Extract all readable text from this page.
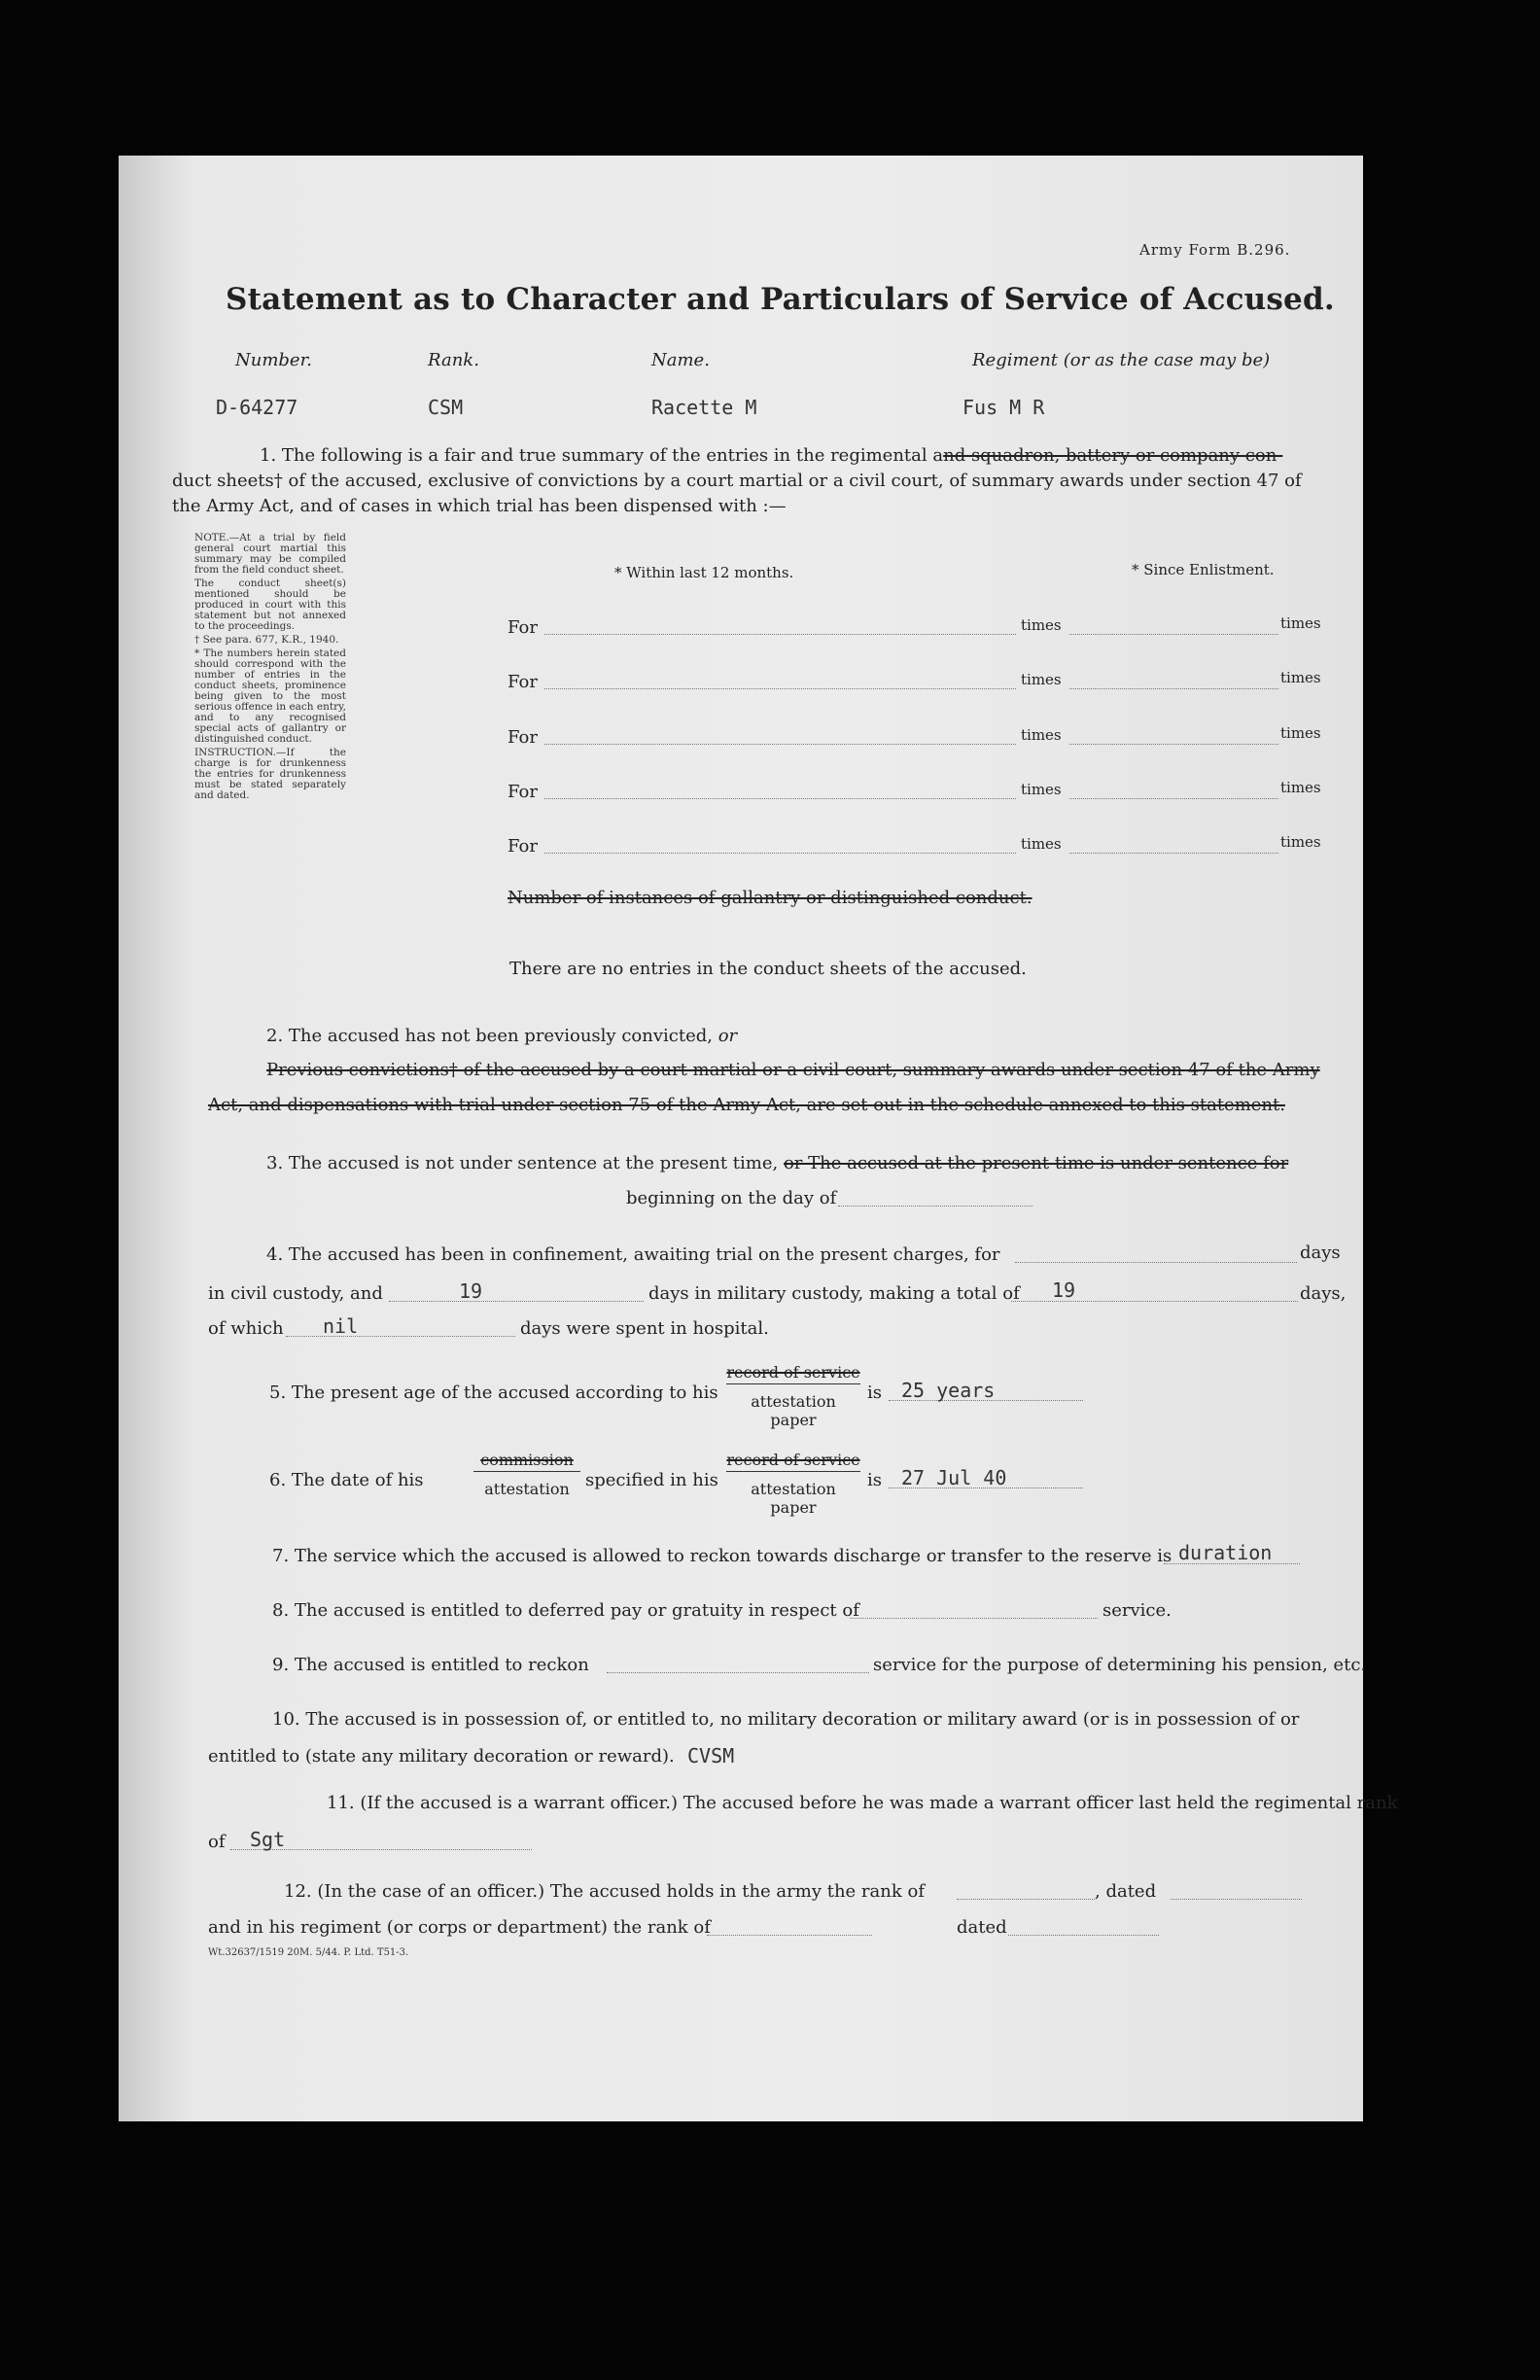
Army Form B.296.
Statement as to Character and Particulars of Service of Accused.
Number.	Rank.	Name.	Regiment (or as the case may be)
D-64277	CSM	Racette M	Fus M R
1. The following is a fair and true summary of the entries in the regimental and squadron, battery or company con-
duct sheets† of the accused, exclusive of convictions by a court martial or a civil court, of summary awards under section 47 of
the Army Act, and of cases in which trial has been dispensed with :—

NOTE.—At a trial by field general court martial this summary may be compiled from the field conduct sheet.

The conduct sheet(s) mentioned should be produced in court with this statement but not annexed to the proceedings.

† See para. 677, K.R., 1940.

* The numbers herein stated should correspond with the number of entries in the conduct sheets, prominence being given to the most serious offence in each entry, and to any recognised special acts of gallantry or distinguished conduct.

INSTRUCTION.—If the charge is for drunkenness the entries for drunkenness must be stated separately and dated.

* Within last 12 months.	* Since Enlistment.
For	times	times
For	times	times
For	times	times
For	times	times
For	times	times
Number of instances of gallantry or distinguished conduct.
There are no entries in the conduct sheets of the accused.
2. The accused has not been previously convicted, or
Previous convictions† of the accused by a court martial or a civil court, summary awards under section 47 of the Army
Act, and dispensations with trial under section 75 of the Army Act, are set out in the schedule annexed to this statement.
3. The accused is not under sentence at the present time, or The accused at the present time is under sentence for
beginning on the day of
4. The accused has been in confinement, awaiting trial on the present charges, for	days
in civil custody, and	19	days in military custody, making a total of 19	days,
of which nil	days were spent in hospital.
5. The present age of the accused according to his
record of service
attestation paper
is 25 years
6. The date of his
commission
attestation specified in his
record of service
attestation paper
is 27 Jul 40
7. The service which the accused is allowed to reckon towards discharge or transfer to the reserve is duration
8. The accused is entitled to deferred pay or gratuity in respect of	service.
9. The accused is entitled to reckon	service for the purpose of determining his pension, etc.
10. The accused is in possession of, or entitled to, no military decoration or military award (or is in possession of or
entitled to (state any military decoration or reward). CVSM
11. (If the accused is a warrant officer.) The accused before he was made a warrant officer last held the regimental rank
of Sgt
12. (In the case of an officer.) The accused holds in the army the rank of	, dated
and in his regiment (or corps or department) the rank of	dated
Wt.32637/1519 20M. 5/44. P. Ltd. T51-3.
